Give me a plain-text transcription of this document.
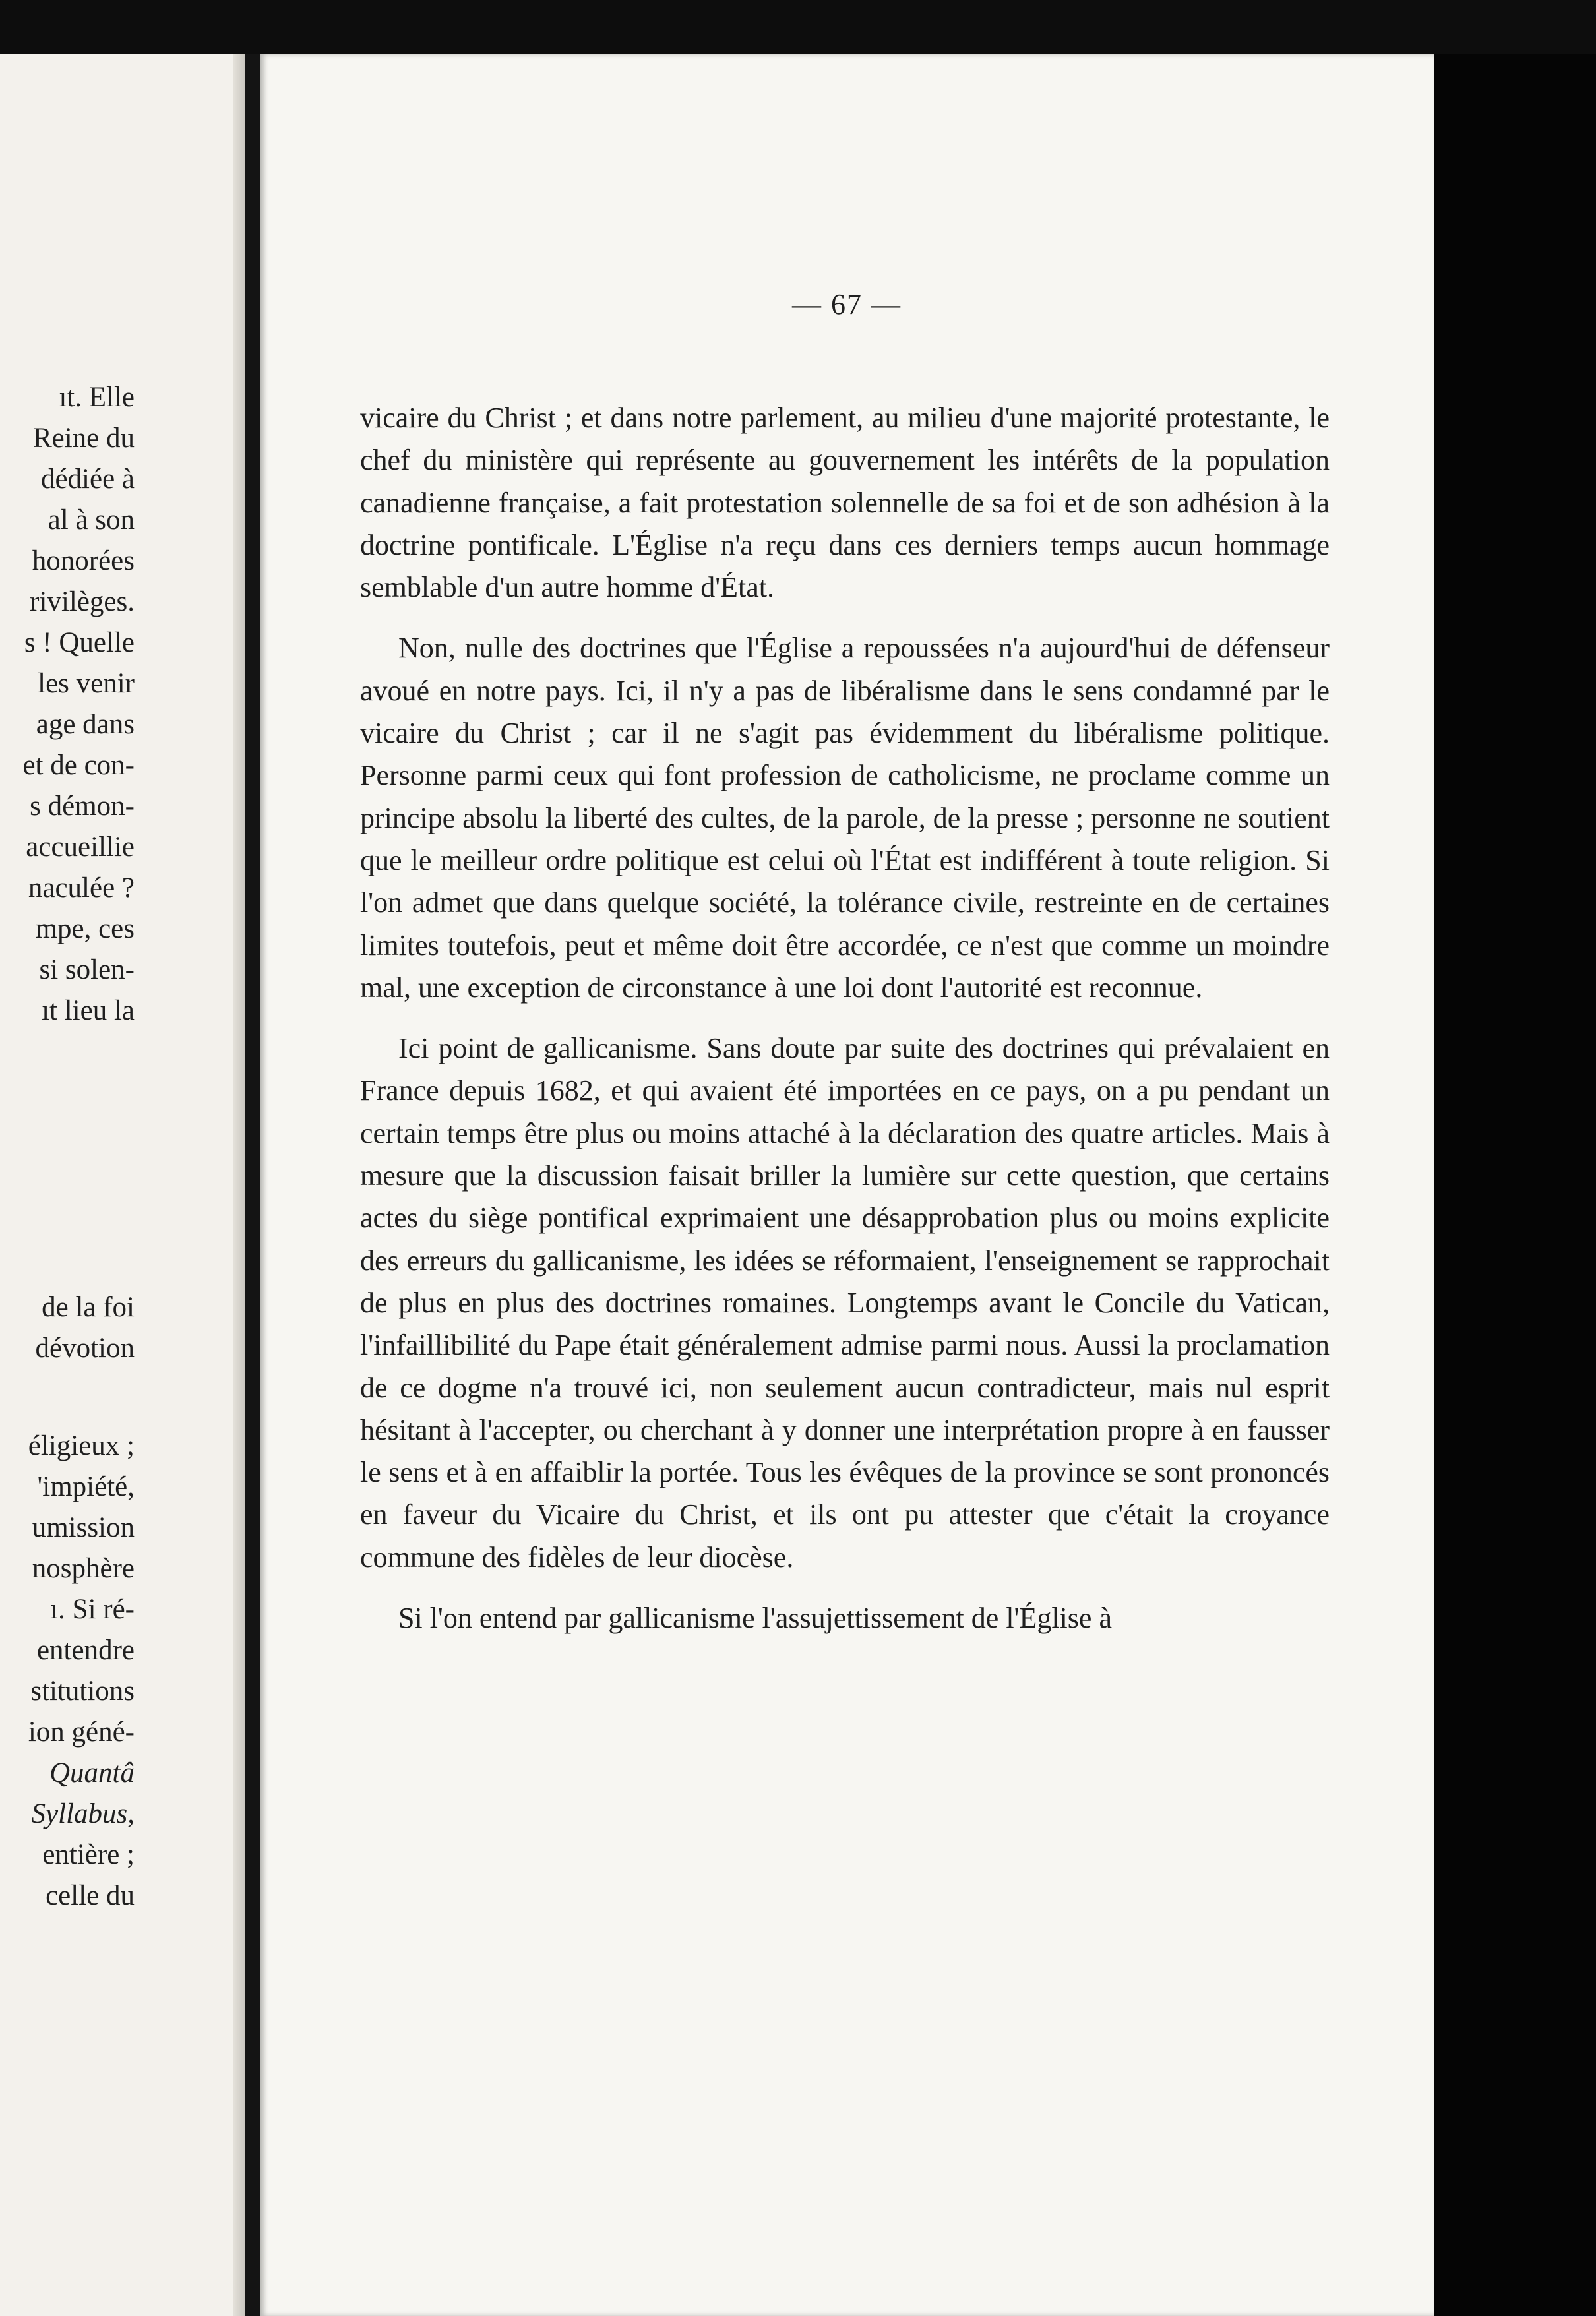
ıt. Elle
Reine du
dédiée à
al à son
honorées
rivilèges.
s ! Quelle
les venir
age dans
et de con-
s démon-
accueillie
naculée ?
mpe, ces
si solen-
ıt lieu la
de la foi
dévotion
éligieux ;
'impiété,
umission
nosphère
ı. Si ré-
entendre
stitutions
ion géné-
Quantâ
Syllabus,
entière ;
celle du
— 67 —

vicaire du Christ ; et dans notre parlement, au milieu d'une majorité protestante, le chef du ministère qui représente au gouvernement les intérêts de la population canadienne française, a fait protestation solennelle de sa foi et de son adhésion à la doctrine pontificale. L'Église n'a reçu dans ces derniers temps aucun hommage semblable d'un autre homme d'État.

Non, nulle des doctrines que l'Église a repoussées n'a aujourd'hui de défenseur avoué en notre pays. Ici, il n'y a pas de libéralisme dans le sens condamné par le vicaire du Christ ; car il ne s'agit pas évidemment du libéralisme politique. Personne parmi ceux qui font profession de catholicisme, ne proclame comme un principe absolu la liberté des cultes, de la parole, de la presse ; personne ne soutient que le meilleur ordre politique est celui où l'État est indifférent à toute religion. Si l'on admet que dans quelque société, la tolérance civile, restreinte en de certaines limites toutefois, peut et même doit être accordée, ce n'est que comme un moindre mal, une exception de circonstance à une loi dont l'autorité est reconnue.

Ici point de gallicanisme. Sans doute par suite des doctrines qui prévalaient en France depuis 1682, et qui avaient été importées en ce pays, on a pu pendant un certain temps être plus ou moins attaché à la déclaration des quatre articles. Mais à mesure que la discussion faisait briller la lumière sur cette question, que certains actes du siège pontifical exprimaient une désapprobation plus ou moins explicite des erreurs du gallicanisme, les idées se réformaient, l'enseignement se rapprochait de plus en plus des doctrines romaines. Longtemps avant le Concile du Vatican, l'infaillibilité du Pape était généralement admise parmi nous. Aussi la proclamation de ce dogme n'a trouvé ici, non seulement aucun contradicteur, mais nul esprit hésitant à l'accepter, ou cherchant à y donner une interprétation propre à en fausser le sens et à en affaiblir la portée. Tous les évêques de la province se sont prononcés en faveur du Vicaire du Christ, et ils ont pu attester que c'était la croyance commune des fidèles de leur diocèse.

Si l'on entend par gallicanisme l'assujettissement de l'Église à
